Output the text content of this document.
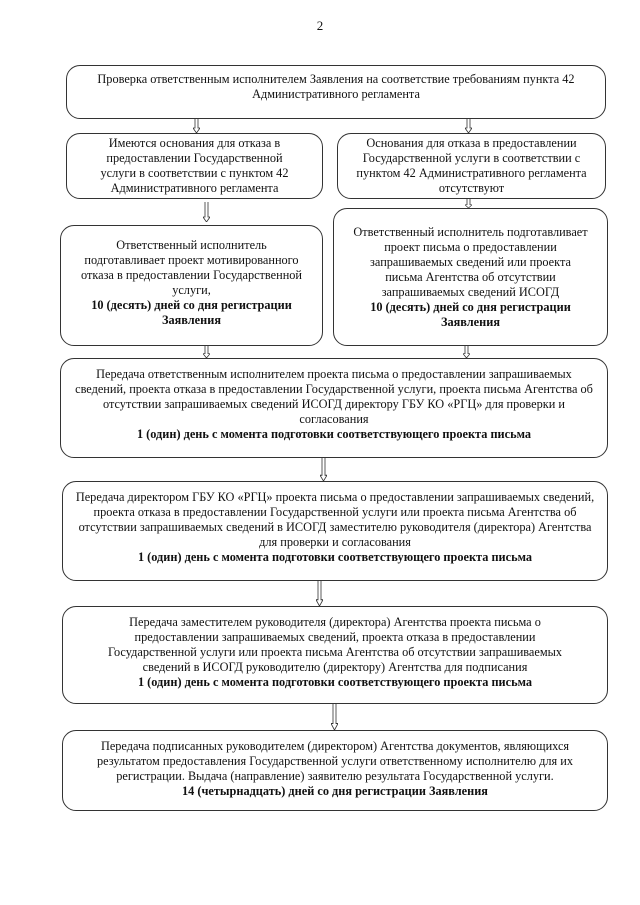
2
Проверка ответственным исполнителем Заявления на соответствие требованиям пункта 42 Административного регламента
Имеются основания для отказа в предоставлении Государственной услуги в соответствии с пунктом 42 Административного регламента
Основания для отказа в предоставлении Государственной услуги в соответствии с пунктом 42 Административного регламента отсутствуют
Ответственный исполнитель подготавливает проект мотивированного отказа в предоставлении Государственной услуги,
10 (десять) дней со дня регистрации Заявления
Ответственный исполнитель подготавливает проект письма о предоставлении запрашиваемых сведений или проекта письма Агентства об отсутствии запрашиваемых сведений ИСОГД
10 (десять) дней со дня регистрации Заявления
Передача ответственным исполнителем проекта письма о предоставлении запрашиваемых сведений, проекта отказа в предоставлении Государственной услуги, проекта письма Агентства об отсутствии запрашиваемых сведений ИСОГД директору ГБУ КО «РГЦ» для проверки и согласования
1 (один) день с момента подготовки соответствующего проекта письма
Передача директором ГБУ КО «РГЦ» проекта письма о предоставлении запрашиваемых сведений, проекта отказа в предоставлении Государственной услуги или проекта письма Агентства об отсутствии запрашиваемых сведений в ИСОГД заместителю руководителя (директора) Агентства для проверки и согласования
1 (один) день с момента подготовки соответствующего проекта письма
Передача заместителем руководителя (директора) Агентства проекта письма о предоставлении запрашиваемых сведений, проекта отказа в предоставлении Государственной услуги или проекта письма Агентства об отсутствии запрашиваемых сведений в ИСОГД руководителю (директору) Агентства для подписания
1 (один) день с момента подготовки соответствующего проекта письма
Передача подписанных руководителем (директором) Агентства документов, являющихся результатом предоставления Государственной услуги ответственному исполнителю для их регистрации. Выдача (направление) заявителю результата Государственной услуги.
14 (четырнадцать) дней со дня регистрации Заявления
